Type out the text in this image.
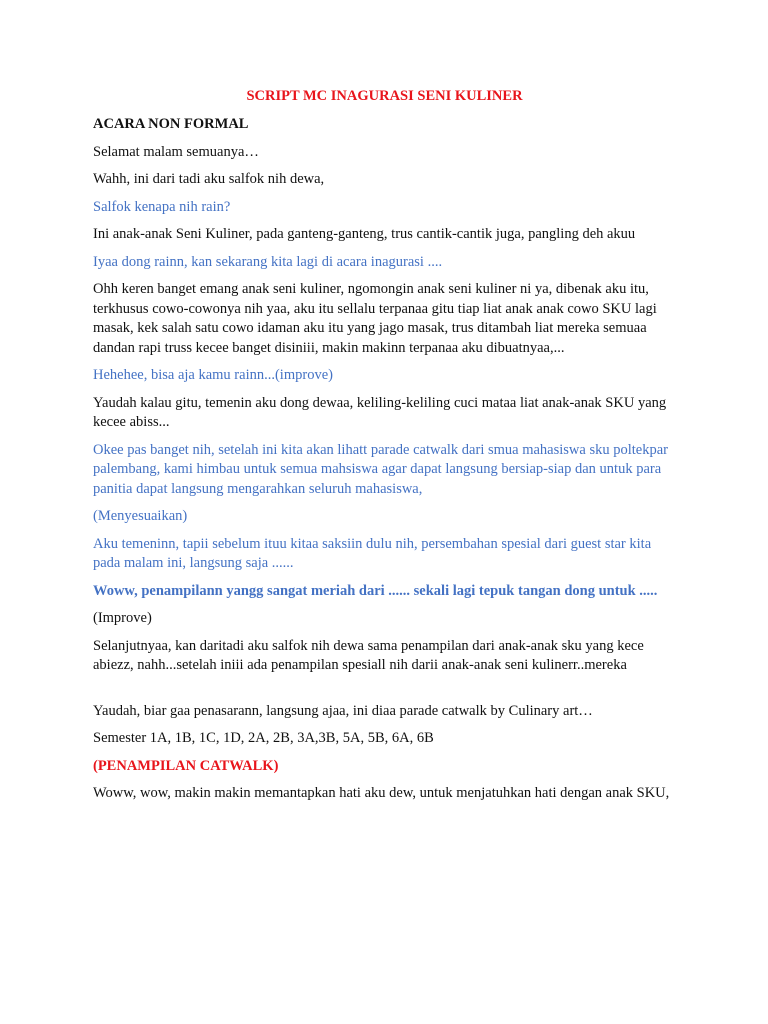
SCRIPT MC INAGURASI SENI KULINER

ACARA NON FORMAL

Selamat malam semuanya…

Wahh, ini dari tadi aku salfok nih dewa,

Salfok kenapa nih rain?

Ini anak-anak Seni Kuliner, pada ganteng-ganteng, trus cantik-cantik juga, pangling deh akuu

Iyaa dong rainn, kan sekarang kita lagi di acara inagurasi ....

Ohh keren banget emang anak seni kuliner, ngomongin anak seni kuliner ni ya, dibenak aku itu, terkhusus cowo-cowonya nih yaa, aku itu sellalu terpanaa gitu tiap liat anak anak cowo SKU lagi masak, kek salah satu cowo idaman aku itu yang jago masak, trus ditambah liat mereka semuaa dandan rapi truss kecee banget disiniii, makin makinn terpanaa aku dibuatnyaa,...

Hehehee, bisa aja kamu rainn...(improve)

Yaudah kalau gitu, temenin aku dong dewaa, keliling-keliling cuci mataa liat anak-anak SKU yang kecee abiss...

Okee pas banget nih, setelah ini kita akan lihatt parade catwalk dari smua mahasiswa sku poltekpar palembang, kami himbau untuk semua mahsiswa agar dapat langsung bersiap-siap dan untuk para panitia dapat langsung mengarahkan seluruh mahasiswa,

(Menyesuaikan)

Aku temeninn, tapii sebelum ituu kitaa saksiin dulu nih, persembahan spesial dari guest star kita pada malam ini, langsung saja ......

Woww, penampilann yangg sangat meriah dari ...... sekali lagi tepuk tangan dong untuk .....

(Improve)

Selanjutnyaa, kan daritadi aku salfok nih dewa sama penampilan dari anak-anak sku yang kece abiezz, nahh...setelah iniii ada penampilan spesiall nih darii anak-anak seni kulinerr..mereka

Yaudah, biar gaa penasarann, langsung ajaa, ini diaa parade catwalk by Culinary art…

Semester 1A, 1B, 1C, 1D, 2A, 2B, 3A,3B, 5A, 5B, 6A, 6B

(PENAMPILAN CATWALK)

Woww, wow, makin makin memantapkan hati aku dew, untuk menjatuhkan hati dengan anak SKU,
